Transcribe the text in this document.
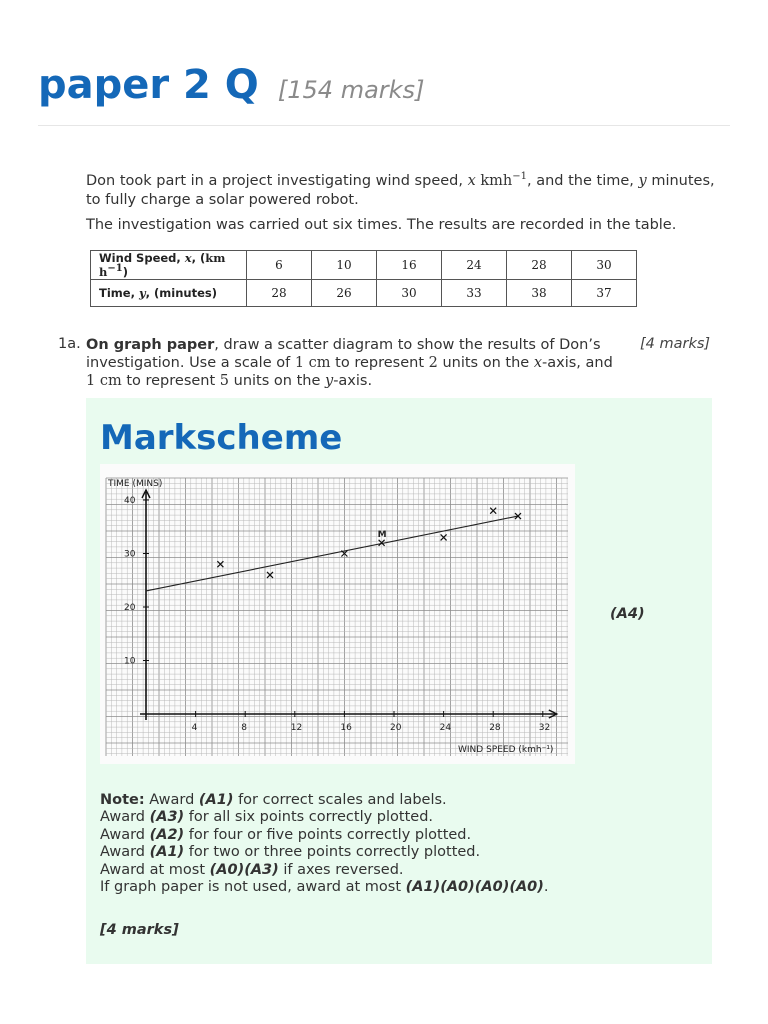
paper 2 Q [154 marks]

Don took part in a project investigating wind speed, x kmh$^{-1}$, and the time, y minutes, to fully charge a solar powered robot.

The investigation was carried out six times. The results are recorded in the table.

Wind Speed, x, (km $h^{-1}$)	6	10	16	24	28	30
Time, y, (minutes)	28	26	30	33	38	37
1a. On graph paper, draw a scatter diagram to show the results of Don’s investigation. Use a scale of 1 cm to represent 2 units on the x-axis, and 1 cm to represent 5 units on the y-axis.
[4 marks]
Markscheme
4	8	12	16	20	24	28	32
10
20
30
40
M
TIME (MINS)
WIND SPEED (kmh⁻¹)
(A4)
Note: Award (A1) for correct scales and labels.
Award (A3) for all six points correctly plotted.
Award (A2) for four or five points correctly plotted.
Award (A1) for two or three points correctly plotted.
Award at most (A0)(A3) if axes reversed.
If graph paper is not used, award at most (A1)(A0)(A0)(A0).
[4 marks]
